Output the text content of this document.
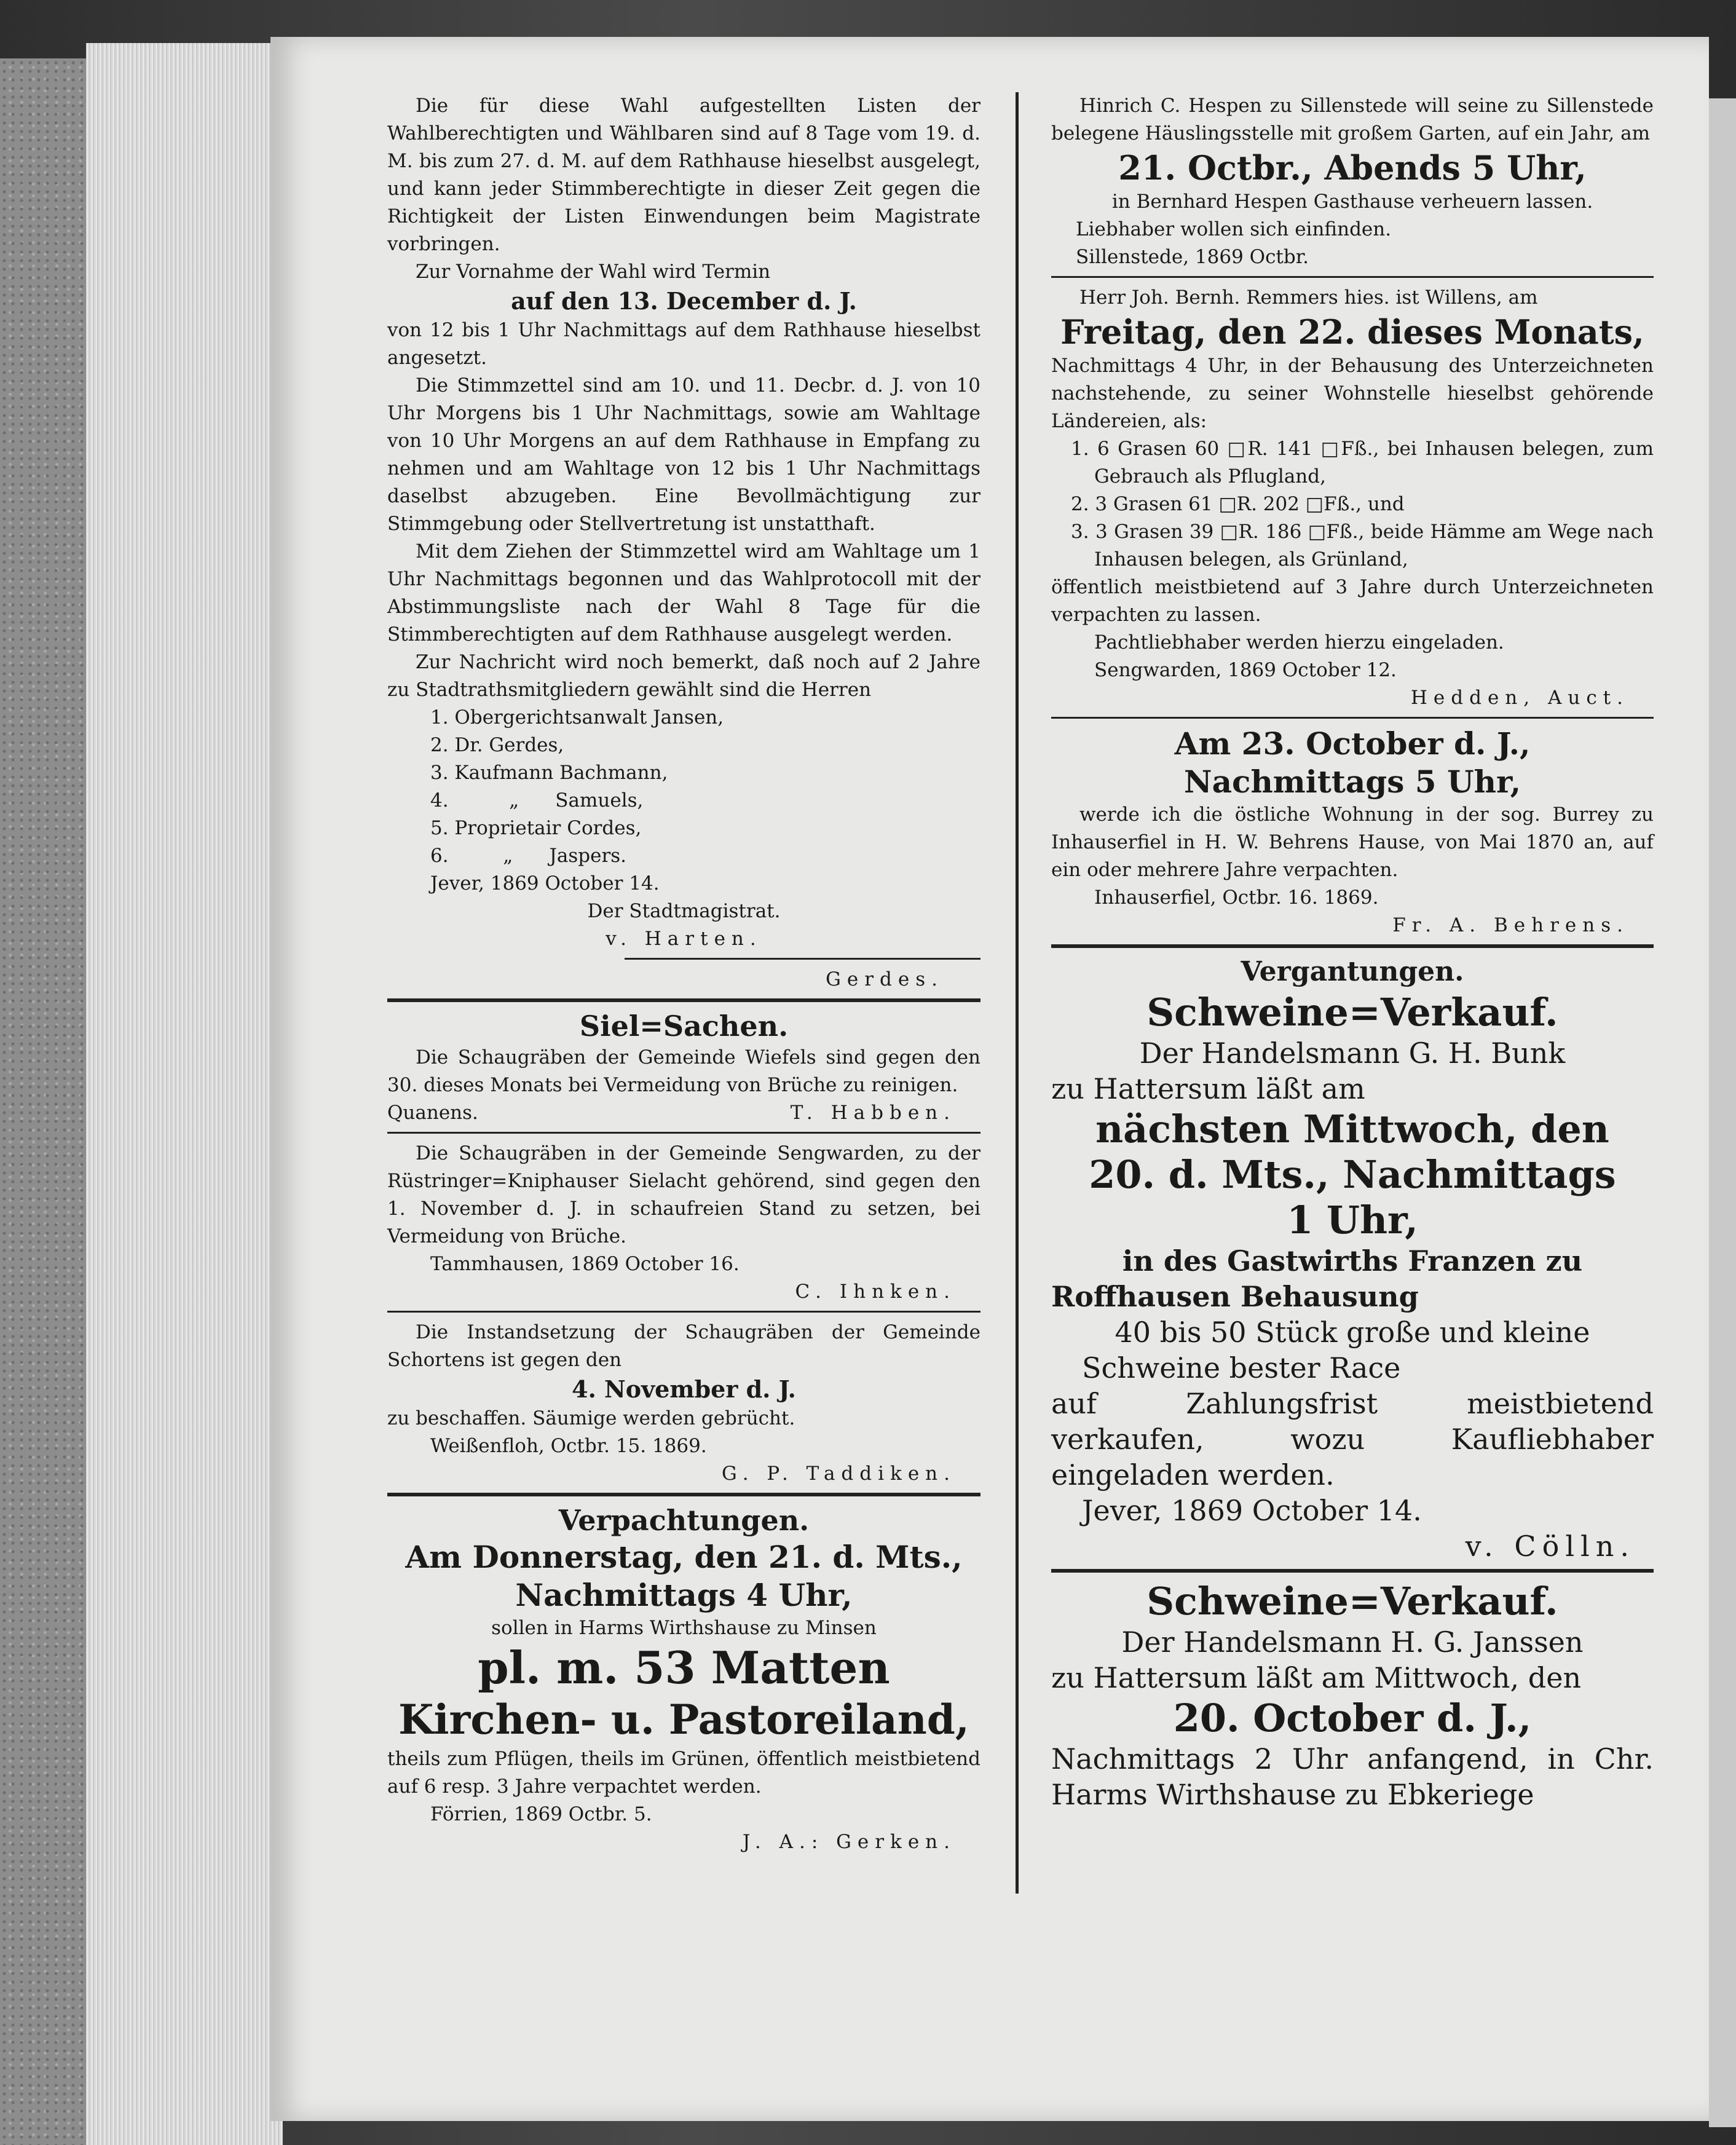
Die für diese Wahl aufgestellten Listen der Wahlberechtigten und Wählbaren sind auf 8 Tage vom 19. d. M. bis zum 27. d. M. auf dem Rathhause hieselbst ausgelegt, und kann jeder Stimmberechtigte in dieser Zeit gegen die Richtigkeit der Listen Einwendungen beim Magistrate vorbringen.

Zur Vornahme der Wahl wird Termin

auf den 13. December d. J.

von 12 bis 1 Uhr Nachmittags auf dem Rathhause hieselbst angesetzt.

Die Stimmzettel sind am 10. und 11. Decbr. d. J. von 10 Uhr Morgens bis 1 Uhr Nachmittags, sowie am Wahltage von 10 Uhr Morgens an auf dem Rathhause in Empfang zu nehmen und am Wahltage von 12 bis 1 Uhr Nachmittags daselbst abzugeben. Eine Bevollmächtigung zur Stimmgebung oder Stellvertretung ist unstatthaft.

Mit dem Ziehen der Stimmzettel wird am Wahltage um 1 Uhr Nachmittags begonnen und das Wahlprotocoll mit der Abstimmungsliste nach der Wahl 8 Tage für die Stimmberechtigten auf dem Rathhause ausgelegt werden.

Zur Nachricht wird noch bemerkt, daß noch auf 2 Jahre zu Stadtrathsmitgliedern gewählt sind die Herren

1. Obergerichtsanwalt Jansen,

2. Dr. Gerdes,

3. Kaufmann Bachmann,

4.          „      Samuels,

5. Proprietair Cordes,

6.         „      Jaspers.

Jever, 1869 October 14.

Der Stadtmagistrat.

v. Harten.

Gerdes.

Siel=Sachen.

Die Schaugräben der Gemeinde Wiefels sind gegen den 30. dieses Monats bei Vermeidung von Brüche zu reinigen.

Quanens.	T. Habben.

Die Schaugräben in der Gemeinde Sengwarden, zu der Rüstringer=Kniphauser Sielacht gehörend, sind gegen den 1. November d. J. in schaufreien Stand zu setzen, bei Vermeidung von Brüche.

Tammhausen, 1869 October 16.

C. Ihnken.

Die Instandsetzung der Schaugräben der Gemeinde Schortens ist gegen den

4. November d. J.

zu beschaffen. Säumige werden gebrücht.

Weißenfloh, Octbr. 15. 1869.

G. P. Taddiken.

Verpachtungen.

Am Donnerstag, den 21. d. Mts.,

Nachmittags 4 Uhr,

sollen in Harms Wirthshause zu Minsen

pl. m. 53 Matten

Kirchen- u. Pastoreiland,

theils zum Pflügen, theils im Grünen, öffentlich meistbietend auf 6 resp. 3 Jahre verpachtet werden.

Förrien, 1869 Octbr. 5.

J. A.: Gerken.

Hinrich C. Hespen zu Sillenstede will seine zu Sillenstede belegene Häuslingsstelle mit großem Garten, auf ein Jahr, am

21. Octbr., Abends 5 Uhr,

in Bernhard Hespen Gasthause verheuern lassen.

Liebhaber wollen sich einfinden.

Sillenstede, 1869 Octbr.

Herr Joh. Bernh. Remmers hies. ist Willens, am

Freitag, den 22. dieses Monats,

Nachmittags 4 Uhr, in der Behausung des Unterzeichneten nachstehende, zu seiner Wohnstelle hieselbst gehörende Ländereien, als:

1. 6 Grasen 60 □R. 141 □Fß., bei Inhausen belegen, zum Gebrauch als Pflugland,

2. 3 Grasen 61 □R. 202 □Fß., und

3. 3 Grasen 39 □R. 186 □Fß., beide Hämme am Wege nach Inhausen belegen, als Grünland,

öffentlich meistbietend auf 3 Jahre durch Unterzeichneten verpachten zu lassen.

Pachtliebhaber werden hierzu eingeladen.

Sengwarden, 1869 October 12.

Hedden, Auct.

Am 23. October d. J.,

Nachmittags 5 Uhr,

werde ich die östliche Wohnung in der sog. Burrey zu Inhauserfiel in H. W. Behrens Hause, von Mai 1870 an, auf ein oder mehrere Jahre verpachten.

Inhauserfiel, Octbr. 16. 1869.

Fr. A. Behrens.

Vergantungen.

Schweine=Verkauf.

Der Handelsmann G. H. Bunk

zu Hattersum läßt am

nächsten Mittwoch, den

20. d. Mts., Nachmittags

1 Uhr,

in des Gastwirths Franzen zu

Roffhausen Behausung

40 bis 50 Stück große und kleine

Schweine bester Race

auf Zahlungsfrist meistbietend verkaufen, wozu Kaufliebhaber eingeladen werden.

Jever, 1869 October 14.

v. Cölln.

Schweine=Verkauf.

Der Handelsmann H. G. Janssen

zu Hattersum läßt am Mittwoch, den

20. October d. J.,

Nachmittags 2 Uhr anfangend, in Chr. Harms Wirthshause zu Ebkeriege
